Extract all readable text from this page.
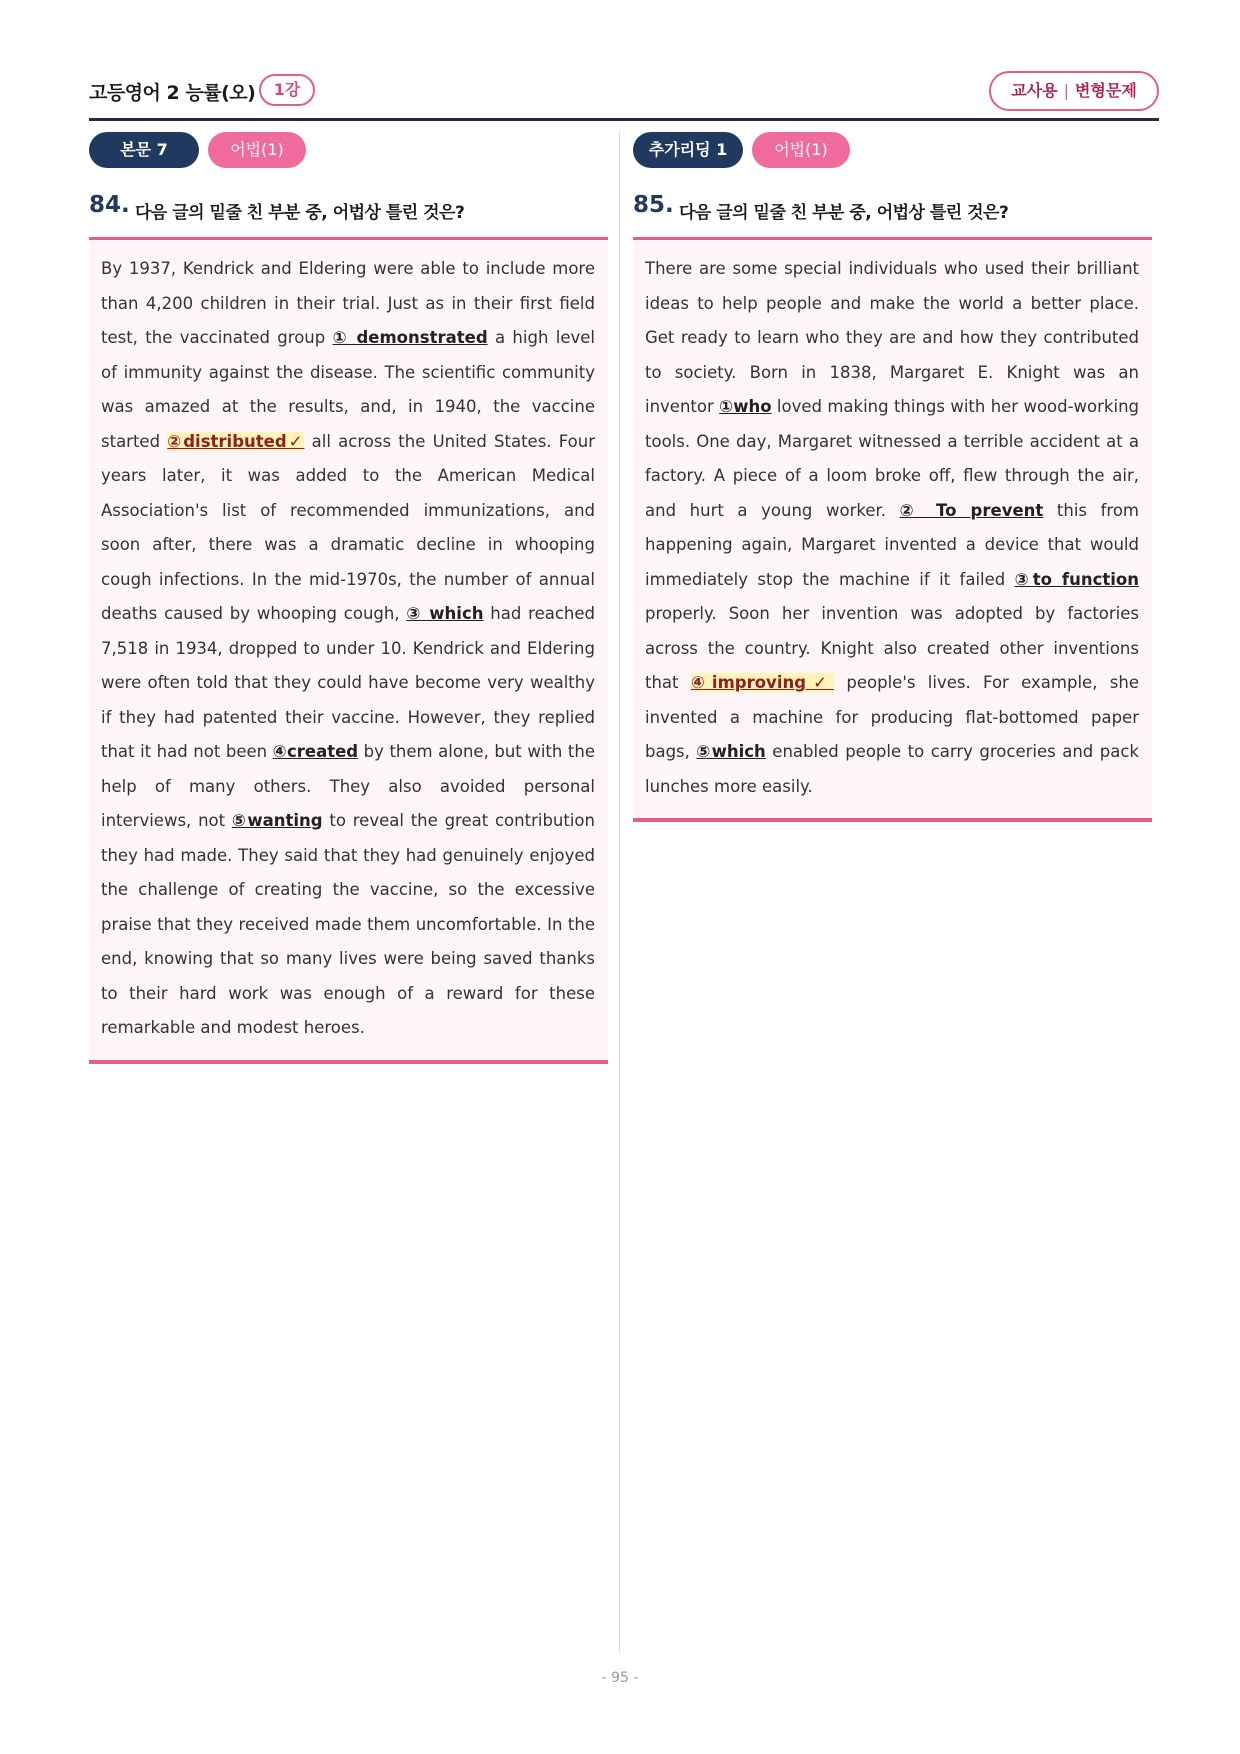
고등영어 2 능률(오)	1강	교사용 | 변형문제
본문 7	어법(1)
84. 다음 글의 밑줄 친 부분 중, 어법상 틀린 것은?

By 1937, Kendrick and Eldering were able to include more than 4,200 children in their trial. Just as in their first field test, the vaccinated group ① demonstrated a high level of immunity against the disease. The scientific community was amazed at the results, and, in 1940, the vaccine started ②distributed✓ all across the United States. Four years later, it was added to the American Medical Association's list of recommended immunizations, and soon after, there was a dramatic decline in whooping cough infections. In the mid-1970s, the number of annual deaths caused by whooping cough, ③ which had reached 7,518 in 1934, dropped to under 10. Kendrick and Eldering were often told that they could have become very wealthy if they had patented their vaccine. However, they replied that it had not been ④created by them alone, but with the help of many others. They also avoided personal interviews, not ⑤wanting to reveal the great contribution they had made. They said that they had genuinely enjoyed the challenge of creating the vaccine, so the excessive praise that they received made them uncomfortable. In the end, knowing that so many lives were being saved thanks to their hard work was enough of a reward for these remarkable and modest heroes.

추가리딩 1	어법(1)
85. 다음 글의 밑줄 친 부분 중, 어법상 틀린 것은?

There are some special individuals who used their brilliant ideas to help people and make the world a better place. Get ready to learn who they are and how they contributed to society. Born in 1838, Margaret E. Knight was an inventor ①who loved making things with her wood-working tools. One day, Margaret witnessed a terrible accident at a factory. A piece of a loom broke off, flew through the air, and hurt a young worker. ② To prevent this from happening again, Margaret invented a device that would immediately stop the machine if it failed ③to function properly. Soon her invention was adopted by factories across the country. Knight also created other inventions that ④improving✓ people's lives. For example, she invented a machine for producing flat-bottomed paper bags, ⑤which enabled people to carry groceries and pack lunches more easily.

- 95 -
